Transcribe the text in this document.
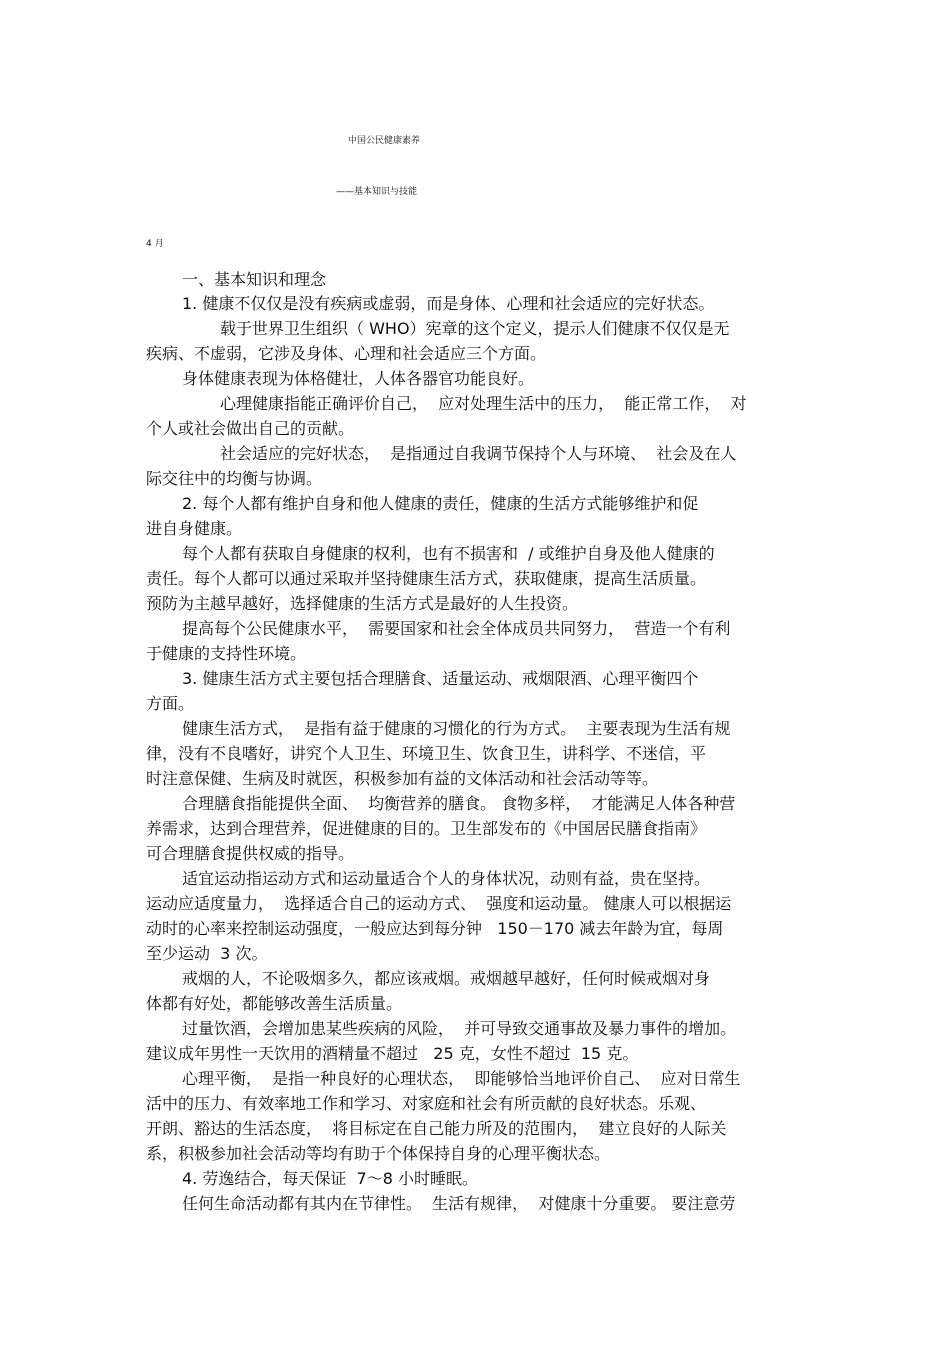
中国公民健康素养
——基本知识与技能
4 月
一、基本知识和理念
1. 健康不仅仅是没有疾病或虚弱，而是身体、心理和社会适应的完好状态。
载于世界卫生组织（ WHO）宪章的这个定义，提示人们健康不仅仅是无
疾病、不虚弱，它涉及身体、心理和社会适应三个方面。
身体健康表现为体格健壮，人体各器官功能良好。
心理健康指能正确评价自己，  应对处理生活中的压力，  能正常工作，  对
个人或社会做出自己的贡献。
社会适应的完好状态，  是指通过自我调节保持个人与环境、  社会及在人
际交往中的均衡与协调。
2. 每个人都有维护自身和他人健康的责任，健康的生活方式能够维护和促
进自身健康。
每个人都有获取自身健康的权利，也有不损害和  / 或维护自身及他人健康的
责任。每个人都可以通过采取并坚持健康生活方式，获取健康，提高生活质量。
预防为主越早越好，选择健康的生活方式是最好的人生投资。
提高每个公民健康水平，  需要国家和社会全体成员共同努力，  营造一个有利
于健康的支持性环境。
3. 健康生活方式主要包括合理膳食、适量运动、戒烟限酒、心理平衡四个
方面。
健康生活方式，  是指有益于健康的习惯化的行为方式。  主要表现为生活有规
律，没有不良嗜好，讲究个人卫生、环境卫生、饮食卫生，讲科学、不迷信，平
时注意保健、生病及时就医，积极参加有益的文体活动和社会活动等等。
合理膳食指能提供全面、  均衡营养的膳食。 食物多样，  才能满足人体各种营
养需求，达到合理营养，促进健康的目的。卫生部发布的《中国居民膳食指南》
可合理膳食提供权威的指导。
适宜运动指运动方式和运动量适合个人的身体状况，动则有益，贵在坚持。
运动应适度量力，  选择适合自己的运动方式、  强度和运动量。 健康人可以根据运
动时的心率来控制运动强度，一般应达到每分钟   150－170 减去年龄为宜，每周
至少运动  3 次。
戒烟的人，不论吸烟多久，都应该戒烟。戒烟越早越好，任何时候戒烟对身
体都有好处，都能够改善生活质量。
过量饮酒，会增加患某些疾病的风险，  并可导致交通事故及暴力事件的增加。
建议成年男性一天饮用的酒精量不超过   25 克，女性不超过  15 克。
心理平衡，  是指一种良好的心理状态，  即能够恰当地评价自己、  应对日常生
活中的压力、有效率地工作和学习、对家庭和社会有所贡献的良好状态。乐观、
开朗、豁达的生活态度，  将目标定在自己能力所及的范围内，  建立良好的人际关
系，积极参加社会活动等均有助于个体保持自身的心理平衡状态。
4. 劳逸结合，每天保证  7～8 小时睡眠。
任何生命活动都有其内在节律性。  生活有规律，  对健康十分重要。 要注意劳
